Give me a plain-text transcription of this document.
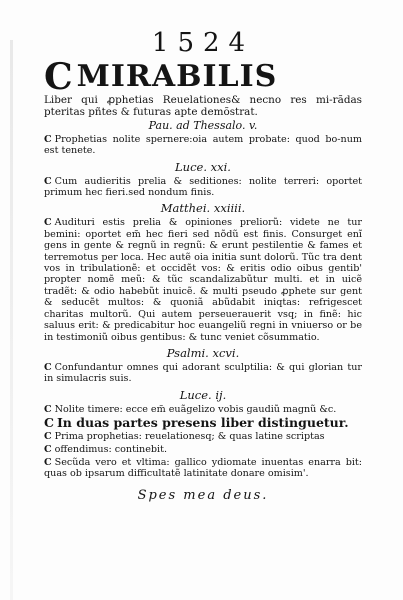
1524
C MIRABILIS
Liber qui ꝓphetias Reuelationes& necno res mi-rãdas pteritas pñtes & futuras apte demõstrat.
Pau. ad Thessalo. v.
C Prophetias nolite spernere:oia autem probate: quod bo-num est tenete.
Luce. xxi.
C Cum audieritis prelia & seditiones: nolite terreri: oportet primum hec fieri.sed nondum finis.
Matthei. xxiiii.
C Audituri estis prelia & opiniones preliorũ: videte ne tur bemini: oportet em̃ hec fieri sed nõdũ est finis. Consurget enĩ gens in gente & regnũ in regnũ: & erunt pestilentie & fames et terremotus per loca. Hec autẽ oia initia sunt dolorũ. Tũc tra dent vos in tribulationẽ: et occidẽt vos: & eritis odio oibus gentib' propter nomẽ meũ: & tũc scandalizabũtur multi. et in uicẽ tradẽt: & odio habebũt inuicẽ. & multi pseudo ꝓphete sur gent & seducẽt multos: & quoniã abũdabit iniqtas: refrigescet charitas multorũ. Qui autem perseuerauerit vsq; in finẽ: hic saluus erit: & predicabitur hoc euangeliũ regni in vniuerso or be in testimoniũ oibus gentibus: & tunc veniet cõsummatio.
Psalmi. xcvi.
C Confundantur omnes qui adorant sculptilia: & qui glorian tur in simulacris suis.
Luce. ij.
C Nolite timere: ecce em̃ euãgelizo vobis gaudiũ magnũ &c.
C In duas partes presens liber distinguetur.
C Prima prophetias: reuelationesq; & quas latine scriptas
C offendimus: continebit.
C Secũda vero et vltima: gallico ydiomate inuentas enarra bit: quas ob ipsarum difficultatẽ latinitate donare omisim'.
Spes mea deus.
